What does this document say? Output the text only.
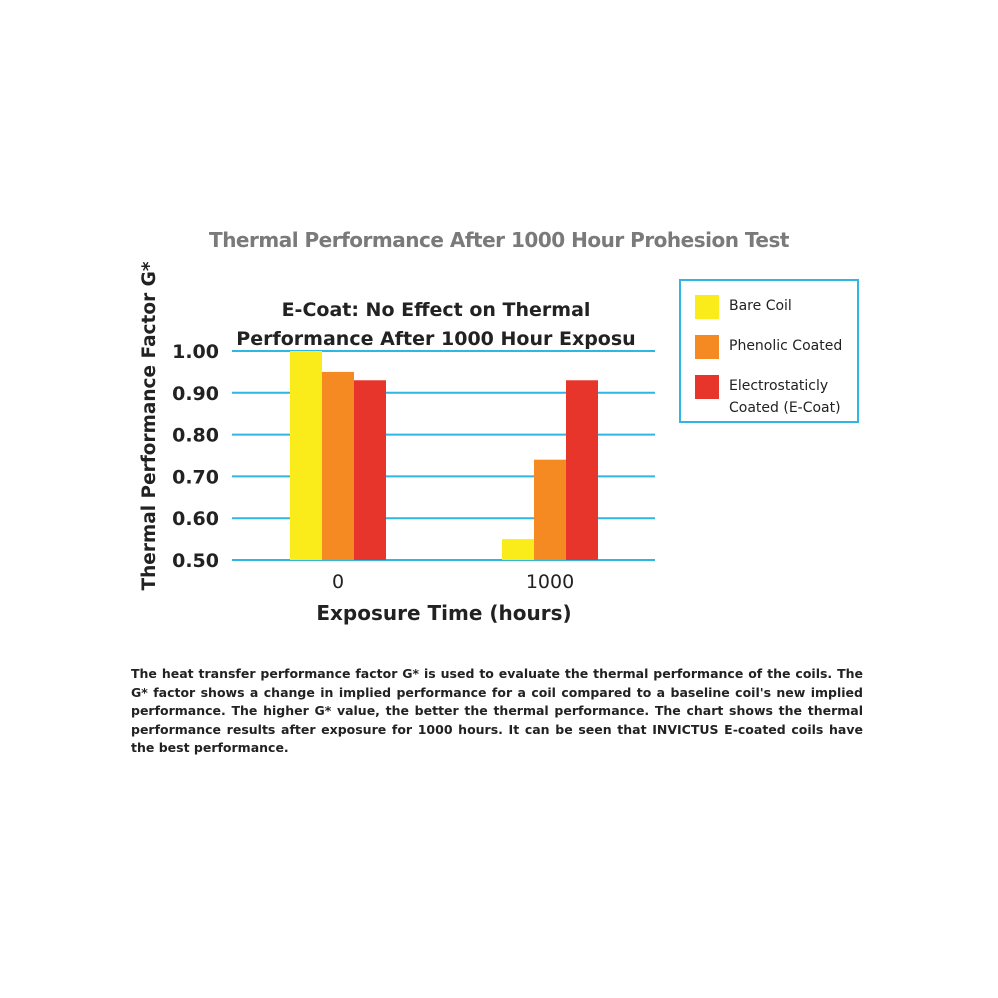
Thermal Performance After 1000 Hour Prohesion Test
0.50
0.60
0.70
0.80
0.90
1.00
0	1000
Exposure Time (hours)
Thermal Performance Factor G*	E-Coat: No Effect on Thermal
Performance After 1000 Hour Exposu
Bare Coil
Phenolic Coated
Electrostaticly
Coated (E-Coat)
The heat transfer performance factor G* is used to evaluate the thermal performance of the coils. The G* factor shows a change in implied performance for a coil compared to a baseline coil's new implied performance. The higher G* value, the better the thermal performance. The chart shows the thermal performance results after exposure for 1000 hours. It can be seen that INVICTUS E-coated coils have the best performance.
